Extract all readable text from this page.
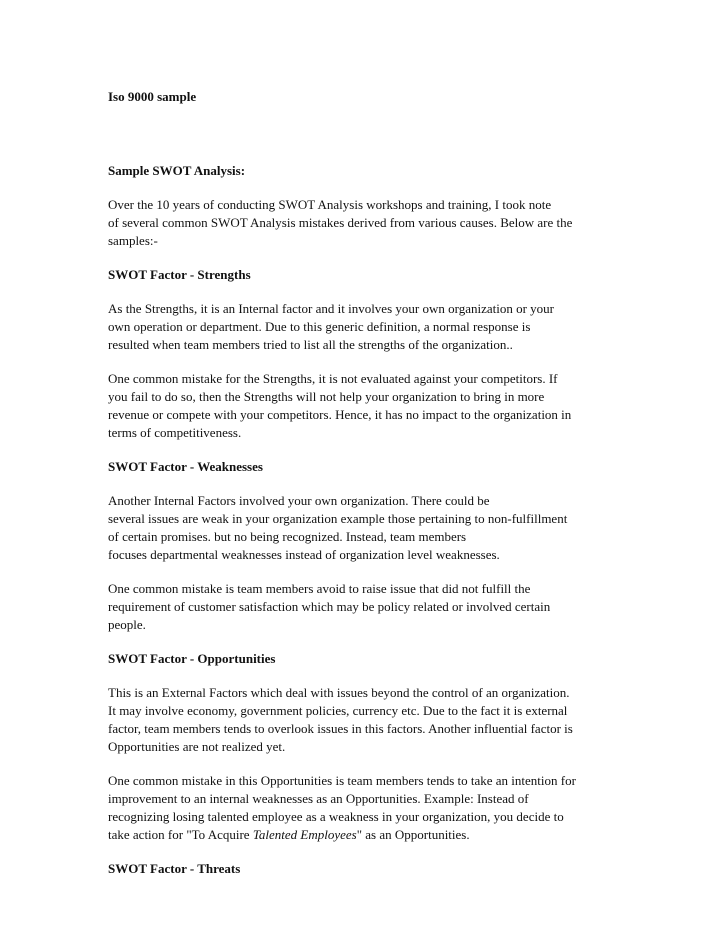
Iso 9000 sample
Sample SWOT Analysis:
Over the 10 years of conducting SWOT Analysis workshops and training, I took note
of several common SWOT Analysis mistakes derived from various causes. Below are the
samples:-
SWOT Factor - Strengths
As the Strengths, it is an Internal factor and it involves your own organization or your
own operation or department. Due to this generic definition, a normal response is
resulted when team members tried to list all the strengths of the organization..
One common mistake for the Strengths, it is not evaluated against your competitors. If
you fail to do so, then the Strengths will not help your organization to bring in more
revenue or compete with your competitors. Hence, it has no impact to the organization in
terms of competitiveness.
SWOT Factor - Weaknesses
Another Internal Factors involved your own organization. There could be
several issues are weak in your organization example those pertaining to non-fulfillment
of certain promises. but no being recognized. Instead, team members
focuses departmental weaknesses instead of organization level weaknesses.
One common mistake is team members avoid to raise issue that did not fulfill the
requirement of customer satisfaction which may be policy related or involved certain
people.
SWOT Factor - Opportunities
This is an External Factors which deal with issues beyond the control of an organization.
It may involve economy, government policies, currency etc. Due to the fact it is external
factor, team members tends to overlook issues in this factors. Another influential factor is
Opportunities are not realized yet.
One common mistake in this Opportunities is team members tends to take an intention for
improvement to an internal weaknesses as an Opportunities. Example: Instead of
recognizing losing talented employee as a weakness in your organization, you decide to
take action for "To Acquire Talented Employees" as an Opportunities.
SWOT Factor - Threats
